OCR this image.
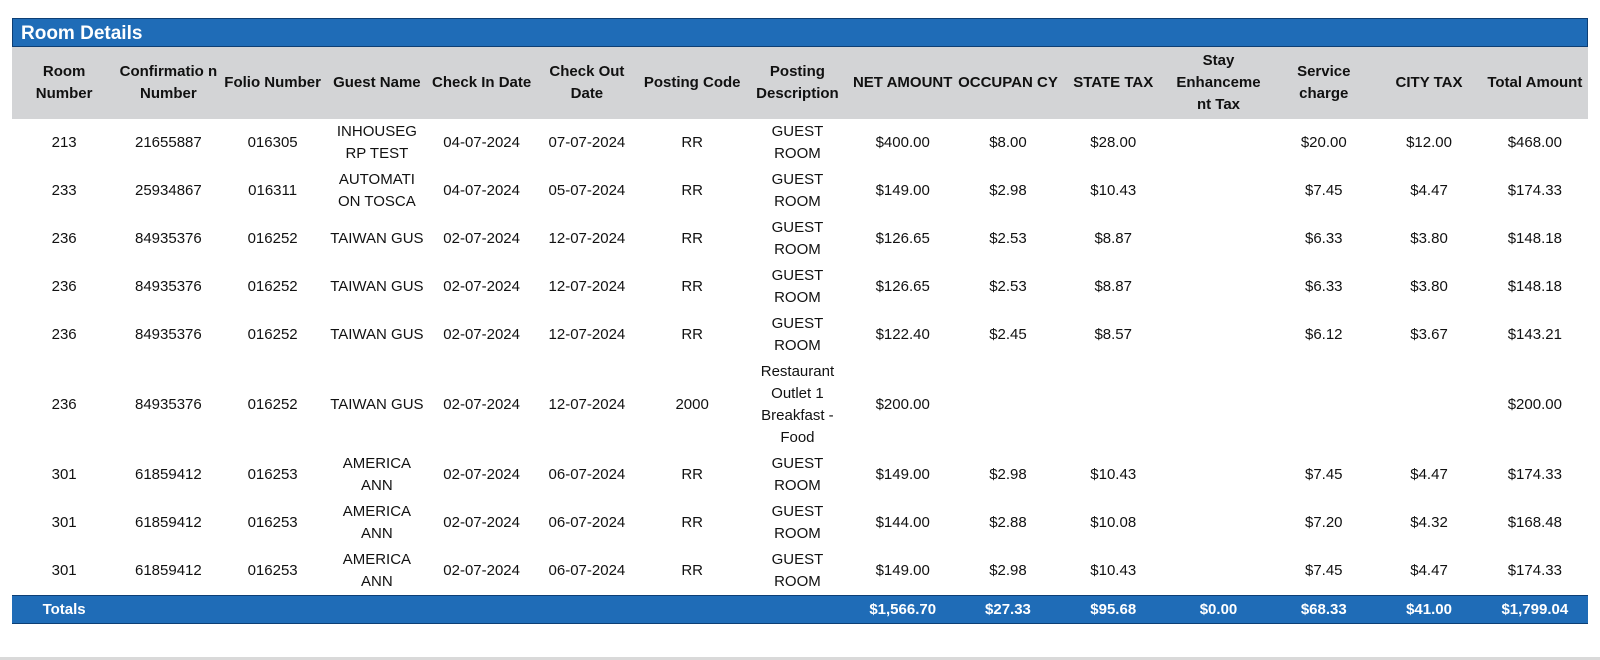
Room Details
Room Number	Confirmatio n Number	Folio Number	Guest Name	Check In Date	Check Out Date	Posting Code	Posting Description	NET AMOUNT	OCCUPAN CY	STATE TAX	Stay Enhanceme nt Tax	Service charge	CITY TAX	Total Amount
213	21655887	016305	INHOUSEG RP TEST	04-07-2024	07-07-2024	RR	GUEST ROOM	$400.00	$8.00	$28.00		$20.00	$12.00	$468.00
233	25934867	016311	AUTOMATI ON TOSCA	04-07-2024	05-07-2024	RR	GUEST ROOM	$149.00	$2.98	$10.43		$7.45	$4.47	$174.33
236	84935376	016252	TAIWAN GUS	02-07-2024	12-07-2024	RR	GUEST ROOM	$126.65	$2.53	$8.87		$6.33	$3.80	$148.18
236	84935376	016252	TAIWAN GUS	02-07-2024	12-07-2024	RR	GUEST ROOM	$126.65	$2.53	$8.87		$6.33	$3.80	$148.18
236	84935376	016252	TAIWAN GUS	02-07-2024	12-07-2024	RR	GUEST ROOM	$122.40	$2.45	$8.57		$6.12	$3.67	$143.21
236	84935376	016252	TAIWAN GUS	02-07-2024	12-07-2024	2000	Restaurant Outlet 1 Breakfast - Food	$200.00						$200.00
301	61859412	016253	AMERICA ANN	02-07-2024	06-07-2024	RR	GUEST ROOM	$149.00	$2.98	$10.43		$7.45	$4.47	$174.33
301	61859412	016253	AMERICA ANN	02-07-2024	06-07-2024	RR	GUEST ROOM	$144.00	$2.88	$10.08		$7.20	$4.32	$168.48
301	61859412	016253	AMERICA ANN	02-07-2024	06-07-2024	RR	GUEST ROOM	$149.00	$2.98	$10.43		$7.45	$4.47	$174.33
Totals								$1,566.70	$27.33	$95.68	$0.00	$68.33	$41.00	$1,799.04
